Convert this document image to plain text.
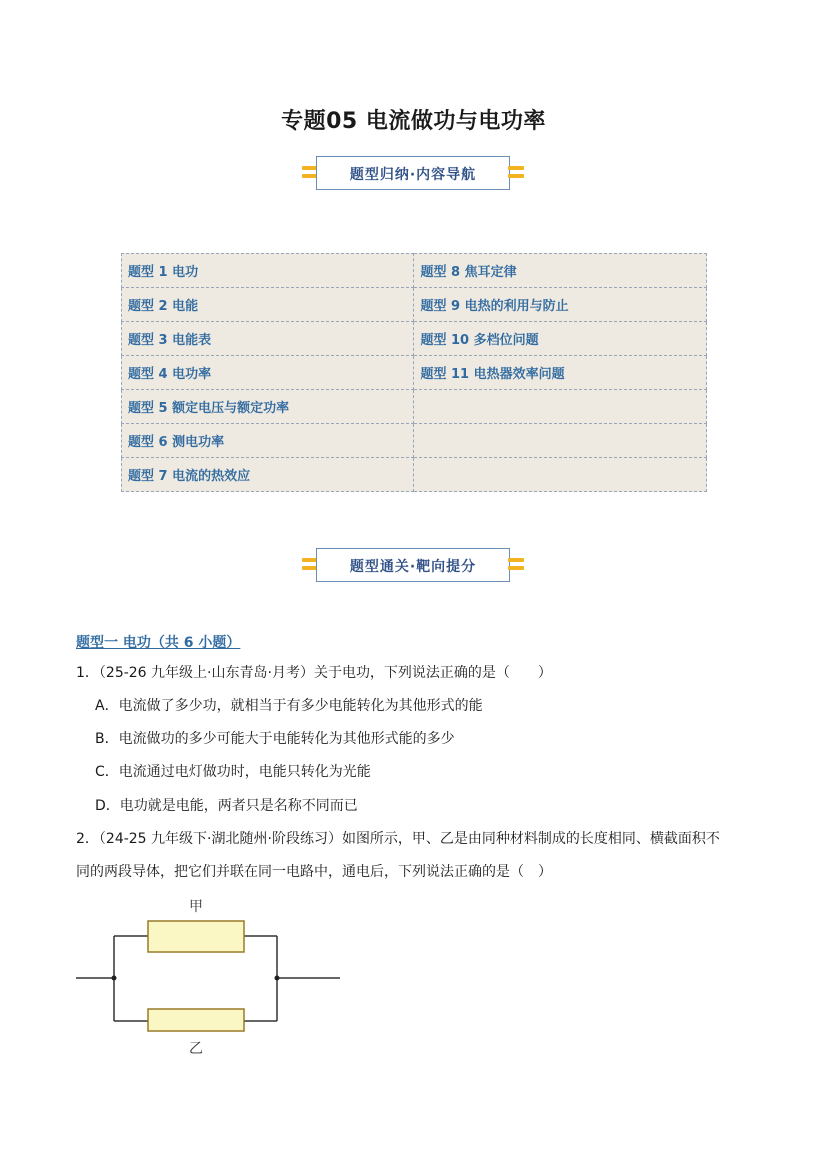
专题05 电流做功与电功率
题型归纳·内容导航
题型 1 电功	题型 8 焦耳定律
题型 2 电能	题型 9 电热的利用与防止
题型 3 电能表	题型 10 多档位问题
题型 4 电功率	题型 11 电热器效率问题
题型 5 额定电压与额定功率	
题型 6 测电功率	
题型 7 电流的热效应	
题型通关·靶向提分
题型一 电功（共 6 小题）
1．（25-26 九年级上·山东青岛·月考）关于电功，下列说法正确的是（　　）
A．电流做了多少功，就相当于有多少电能转化为其他形式的能
B．电流做功的多少可能大于电能转化为其他形式能的多少
C．电流通过电灯做功时，电能只转化为光能
D．电功就是电能，两者只是名称不同而已
2．（24-25 九年级下·湖北随州·阶段练习）如图所示，甲、乙是由同种材料制成的长度相同、横截面积不
同的两段导体，把它们并联在同一电路中，通电后，下列说法正确的是（　）
甲
乙
